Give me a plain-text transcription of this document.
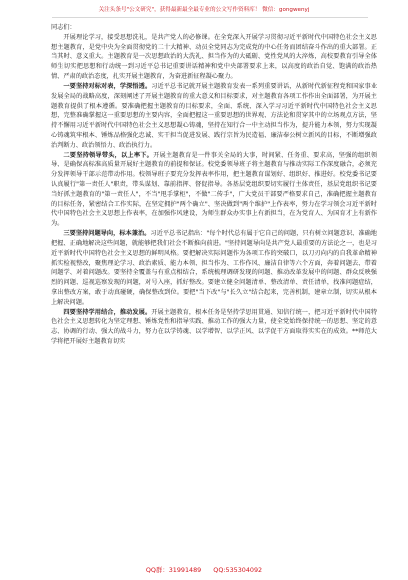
关注头条号"公文研究"，获得最新最全最专业的公文写作资料库！ 微信：gongwenyj

同志们：

开展理论学习，接受思想洗礼，是共产党人的必修课。在全党深入开展学习贯彻习近平新时代中国特色社会主义思想主题教育，是党中央为全面贯彻党的二十大精神、动员全党同志为完成党的中心任务而团结奋斗作出的重大部署。正当其时、意义重大。主题教育是一次思想政治的大洗礼、担当作为的大砥砺、党性党风的大淬炼，高校要教育引导全体师生切实把思想和行动统一到习近平总书记重要讲话精神和党中央部署要求上来，以高度的政治自觉、饱满的政治热情、严肃的政治态度，扎实开展主题教育，为奋进新征程凝心聚力。

一要坚持对标对表，学深悟透。习近平总书记就开展主题教育发表一系列重要讲话，从新时代新征程党和国家事业发展全局的战略高度，深刻阐述了开展主题教育的重大意义和目标要求，对主题教育各项工作作出全面部署，为开展主题教育提供了根本遵循。要准确把握主题教育的目标要求，全面、系统、深入学习习近平新时代中国特色社会主义思想，完整准确掌握这一重要思想的主要内容，全面把握这一重要思想的世界观、方法论和贯穿其中的立场观点方法，坚持不懈用习近平新时代中国特色社会主义思想凝心铸魂，坚持在知行合一中主动担当作为，提升能力本领，努力实现凝心铸魂筑牢根本、锤炼品格强化忠诚、实干担当促进发展、践行宗旨为民造福、廉洁奉公树立新风的目标，不断增强政治判断力、政治领悟力、政治执行力。

二要坚持领导带头，以上率下。开展主题教育是一件事关全局的大事，时间紧、任务重、要求高，坚强的组织领导、是确保高标准高质量开展好主题教育的前提和保证。校党委领导班子将主题教育与推动实际工作深度融合，必须充分发挥领导干部示范带动作用。校领导班子要充分发挥表率作用，把主题教育谋划好、组织好、推进好。校党委书记要认真履行"第一责任人"职责，带头谋划、靠前指挥、督促指导。各基层党组织要切实履行主体责任，基层党组织书记要当好抓主题教育的"第一责任人"，不当"甩手掌柜"，不做"二传手"，广大党员干部要严格要求自己，准确把握主题教育的目标任务，紧密结合工作实际，在坚定拥护"两个确立"、坚决做到"两个维护"上作表率，努力在学习领会习近平新时代中国特色社会主义思想上作表率，在加强作风建设，为师生群众办实事上有新担当，在为党育人、为国育才上有新作为。

三要坚持问题导向，标本兼治。习近平总书记指出："每个时代总有属于它自己的问题，只有树立问题意识、准确地把握、正确地解决这些问题，就能够把我们社会不断推向前进。"坚持问题导向是共产党人最重要的方法论之一，也是习近平新时代中国特色社会主义思想的鲜明风格。要把解决实际问题作为各项工作的突破口，以刀刃向内的自我革命精神抓实检视整改，聚焦理论学习、政治素质、能力本领、担当作为、工作作风、廉洁自律等六个方面，奔着问题去、带着问题学、对着问题改。要坚持全覆盖与有重点相结合，系统梳理调研发现的问题、推动改革发展中的问题、群众反映强烈的问题、巡视巡察发现的问题，对号入座，抓好整改。要建立健全问题清单、整改清单、责任清单，找准问题症结，拿出整改方案，敢于动真碰硬，确保整改到位。要把"当下改"与"长久立"结合起来，完善机制，建章立制，切实从根本上解决问题。

四要坚持学用结合，推动发展。开展主题教育，根本任务是坚持学思用贯通、知信行统一，把习近平新时代中国特色社会主义思想转化为坚定理想、锤炼党性和指导实践、推动工作的强大力量，使全党始终保持统一的思想、坚定的意志、协调的行动、强大的战斗力，努力在以学铸魂、以学增智、以学正风、以学促干方面取得实实在的成效。**师范大学将把开展好主题教育切实

QQ群：31991489 QQ:535304092
